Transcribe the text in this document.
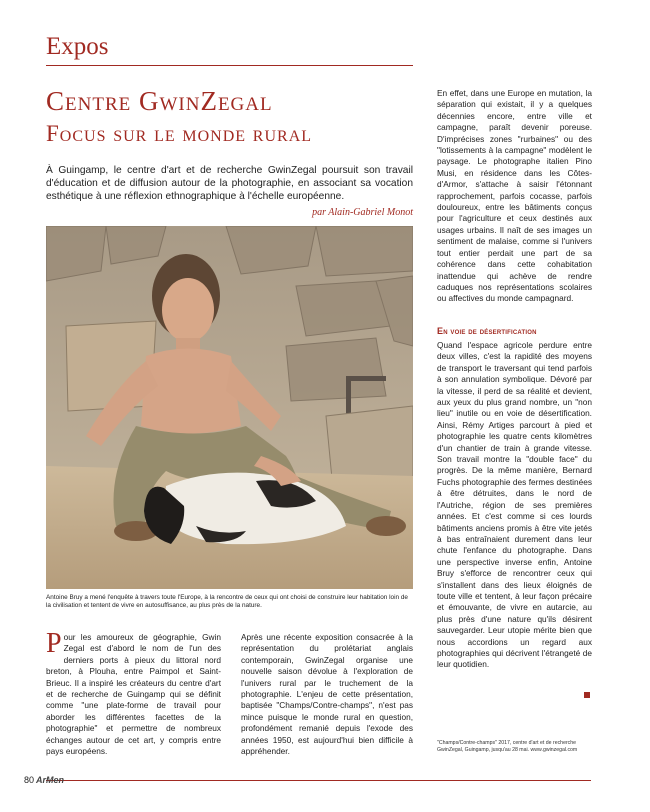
Expos
Centre GwinZegal
Focus sur le monde rural
À Guingamp, le centre d'art et de recherche GwinZegal poursuit son travail d'éducation et de diffusion autour de la photographie, en associant sa vocation esthétique à une réflexion ethnographique à l'échelle européenne.
par Alain-Gabriel Monot
Antoine Bruy a mené l'enquête à travers toute l'Europe, à la rencontre de ceux qui ont choisi de construire leur habitation loin de la civilisation et tentent de vivre en autosuffisance, au plus près de la nature.
Pour les amoureux de géographie, Gwin Zegal est d'abord le nom de l'un des derniers ports à pieux du littoral nord breton, à Plouha, entre Paimpol et Saint-Brieuc. Il a inspiré les créateurs du centre d'art et de recherche de Guingamp qui se définit comme "une plate-forme de travail pour aborder les différentes facettes de la photographie" et permettre de nombreux échanges autour de cet art, y compris entre pays européens.
Après une récente exposition consacrée à la représentation du prolétariat anglais contemporain, GwinZegal organise une nouvelle saison dévolue à l'exploration de l'univers rural par le truchement de la photographie. L'enjeu de cette présentation, baptisée "Champs/Contre-champs", n'est pas mince puisque le monde rural en question, profondément remanié depuis l'exode des années 1950, est aujourd'hui bien difficile à appréhender.
En effet, dans une Europe en mutation, la séparation qui existait, il y a quelques décennies encore, entre ville et campagne, paraît devenir poreuse. D'imprécises zones "rurbaines" ou des "lotissements à la campagne" modèlent le paysage. Le photographe italien Pino Musi, en résidence dans les Côtes-d'Armor, s'attache à saisir l'étonnant rapprochement, parfois cocasse, parfois douloureux, entre les bâtiments conçus pour l'agriculture et ceux destinés aux usages urbains. Il naît de ses images un sentiment de malaise, comme si l'univers tout entier perdait une part de sa cohérence dans cette cohabitation inattendue qui achève de rendre caduques nos représentations scolaires ou affectives du monde campagnard.
En voie de désertification
Quand l'espace agricole perdure entre deux villes, c'est la rapidité des moyens de transport le traversant qui tend parfois à son annulation symbolique. Dévoré par la vitesse, il perd de sa réalité et devient, aux yeux du plus grand nombre, un "non lieu" inutile ou en voie de désertification. Ainsi, Rémy Artiges parcourt à pied et photographie les quatre cents kilomètres d'un chantier de train à grande vitesse. Son travail montre la "double face" du progrès. De la même manière, Bernard Fuchs photographie des fermes destinées à être détruites, dans le nord de l'Autriche, région de ses premières années. Et c'est comme si ces lourds bâtiments anciens promis à être vite jetés à bas entraînaient durement dans leur chute l'enfance du photographe. Dans une perspective inverse enfin, Antoine Bruy s'efforce de rencontrer ceux qui s'installent dans des lieux éloignés de toute ville et tentent, à leur façon précaire et émouvante, de vivre en autarcie, au plus près d'une nature qu'ils désirent sauvegarder. Leur utopie mérite bien que nous accordions un regard aux photographies qui décrivent l'étrangeté de leur quotidien.
"Champs/Contre-champs" 2017, centre d'art et de recherche GwinZegal, Guingamp, jusqu'au 28 mai. www.gwinzegal.com
80 ArMen
